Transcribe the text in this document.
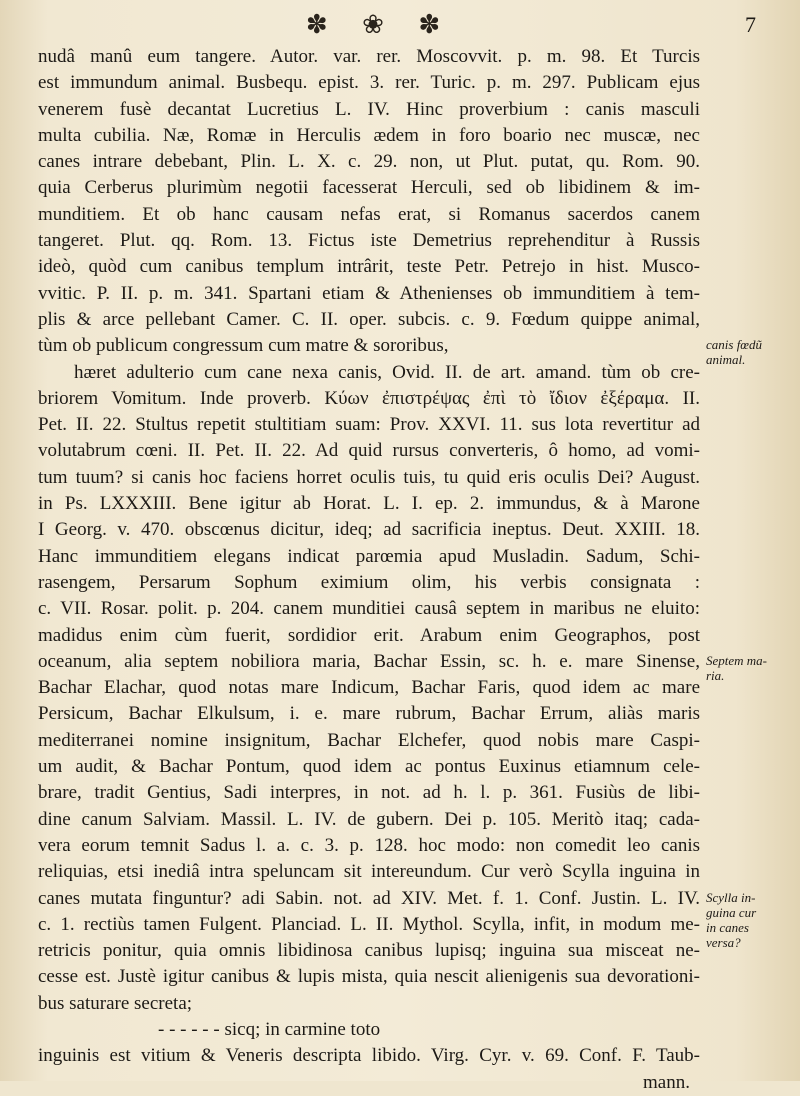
✽ ❀ ✽	7
nudâ manû eum tangere. Autor. var. rer. Moscovvit. p. m. 98. Et Turcis
est immundum animal. Busbequ. epist. 3. rer. Turic. p. m. 297. Publicam ejus
venerem fusè decantat Lucretius L. IV. Hinc proverbium : canis masculi
multa cubilia. Næ, Romæ in Herculis ædem in foro boario nec muscæ, nec
canes intrare debebant, Plin. L. X. c. 29. non, ut Plut. putat, qu. Rom. 90.
quia Cerberus plurimùm negotii facesserat Herculi, sed ob libidinem & im-
munditiem. Et ob hanc causam nefas erat, si Romanus sacerdos canem
tangeret. Plut. qq. Rom. 13. Fictus iste Demetrius reprehenditur à Russis
ideò, quòd cum canibus templum intrârit, teste Petr. Petrejo in hist. Musco-
vvitic. P. II. p. m. 341. Spartani etiam & Athenienses ob immunditiem à tem-
plis & arce pellebant Camer. C. II. oper. subcis. c. 9. Fœdum quippe animal,
tùm ob publicum congressum cum matre & sororibus,
hæret adulterio cum cane nexa canis, Ovid. II. de art. amand. tùm ob cre-
briorem Vomitum. Inde proverb. Κύων ἐπιστρέψας ἐπὶ τὸ ἴδιον ἐξέραμα. II.
Pet. II. 22. Stultus repetit stultitiam suam: Prov. XXVI. 11. sus lota revertitur ad
volutabrum cœni. II. Pet. II. 22. Ad quid rursus converteris, ô homo, ad vomi-
tum tuum? si canis hoc faciens horret oculis tuis, tu quid eris oculis Dei? August.
in Ps. LXXXIII. Bene igitur ab Horat. L. I. ep. 2. immundus, & à Marone
I Georg. v. 470. obscœnus dicitur, ideq; ad sacrificia ineptus. Deut. XXIII. 18.
Hanc immunditiem elegans indicat parœmia apud Musladin. Sadum, Schi-
rasengem, Persarum Sophum eximium olim, his verbis consignata :
c. VII. Rosar. polit. p. 204. canem munditiei causâ septem in maribus ne eluito:
madidus enim cùm fuerit, sordidior erit. Arabum enim Geographos, post
oceanum, alia septem nobiliora maria, Bachar Essin, sc. h. e. mare Sinense,
Bachar Elachar, quod notas mare Indicum, Bachar Faris, quod idem ac mare
Persicum, Bachar Elkulsum, i. e. mare rubrum, Bachar Errum, aliàs maris
mediterranei nomine insignitum, Bachar Elchefer, quod nobis mare Caspi-
um audit, & Bachar Pontum, quod idem ac pontus Euxinus etiamnum cele-
brare, tradit Gentius, Sadi interpres, in not. ad h. l. p. 361. Fusiùs de libi-
dine canum Salviam. Massil. L. IV. de gubern. Dei p. 105. Meritò itaq; cada-
vera eorum temnit Sadus l. a. c. 3. p. 128. hoc modo: non comedit leo canis
reliquias, etsi inediâ intra speluncam sit intereundum. Cur verò Scylla inguina in
canes mutata finguntur? adi Sabin. not. ad XIV. Met. f. 1. Conf. Justin. L. IV.
c. 1. rectiùs tamen Fulgent. Planciad. L. II. Mythol. Scylla, infit, in modum me-
retricis ponitur, quia omnis libidinosa canibus lupisq; inguina sua misceat ne-
cesse est. Justè igitur canibus & lupis mista, quia nescit alienigenis sua devorationi-
bus saturare secreta;
- - - - - - sicq; in carmine toto
inguinis est vitium & Veneris descripta libido. Virg. Cyr. v. 69. Conf. F. Taub-
mann.
canis fœdũ
animal.
Septem ma-
ria.
Scylla in-
guina cur
in canes
versa?
